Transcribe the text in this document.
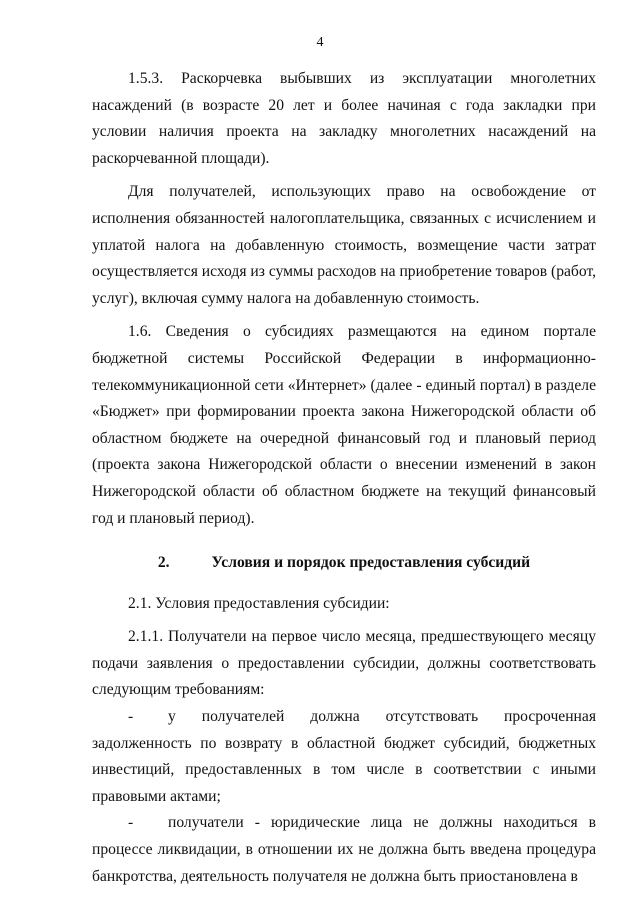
4

1.5.3. Раскорчевка выбывших из эксплуатации многолетних насаждений (в возрасте 20 лет и более начиная с года закладки при условии наличия проекта на закладку многолетних насаждений на раскорчеванной площади).

Для получателей, использующих право на освобождение от исполнения обязанностей налогоплательщика, связанных с исчислением и уплатой налога на добавленную стоимость, возмещение части затрат осуществляется исходя из суммы расходов на приобретение товаров (работ, услуг), включая сумму налога на добавленную стоимость.

1.6. Сведения о субсидиях размещаются на едином портале бюджетной системы Российской Федерации в информационно-телекоммуникационной сети «Интернет» (далее - единый портал) в разделе «Бюджет» при формировании проекта закона Нижегородской области об областном бюджете на очередной финансовый год и плановый период (проекта закона Нижегородской области о внесении изменений в закон Нижегородской области об областном бюджете на текущий финансовый год и плановый период).

2.	Условия и порядок предоставления субсидий

2.1. Условия предоставления субсидии:

2.1.1. Получатели на первое число месяца, предшествующего месяцу подачи заявления о предоставлении субсидии, должны соответствовать следующим требованиям:

- у получателей должна отсутствовать просроченная задолженность по возврату в областной бюджет субсидий, бюджетных инвестиций, предоставленных в том числе в соответствии с иными правовыми актами;

- получатели - юридические лица не должны находиться в процессе ликвидации, в отношении их не должна быть введена процедура банкротства, деятельность получателя не должна быть приостановлена в
